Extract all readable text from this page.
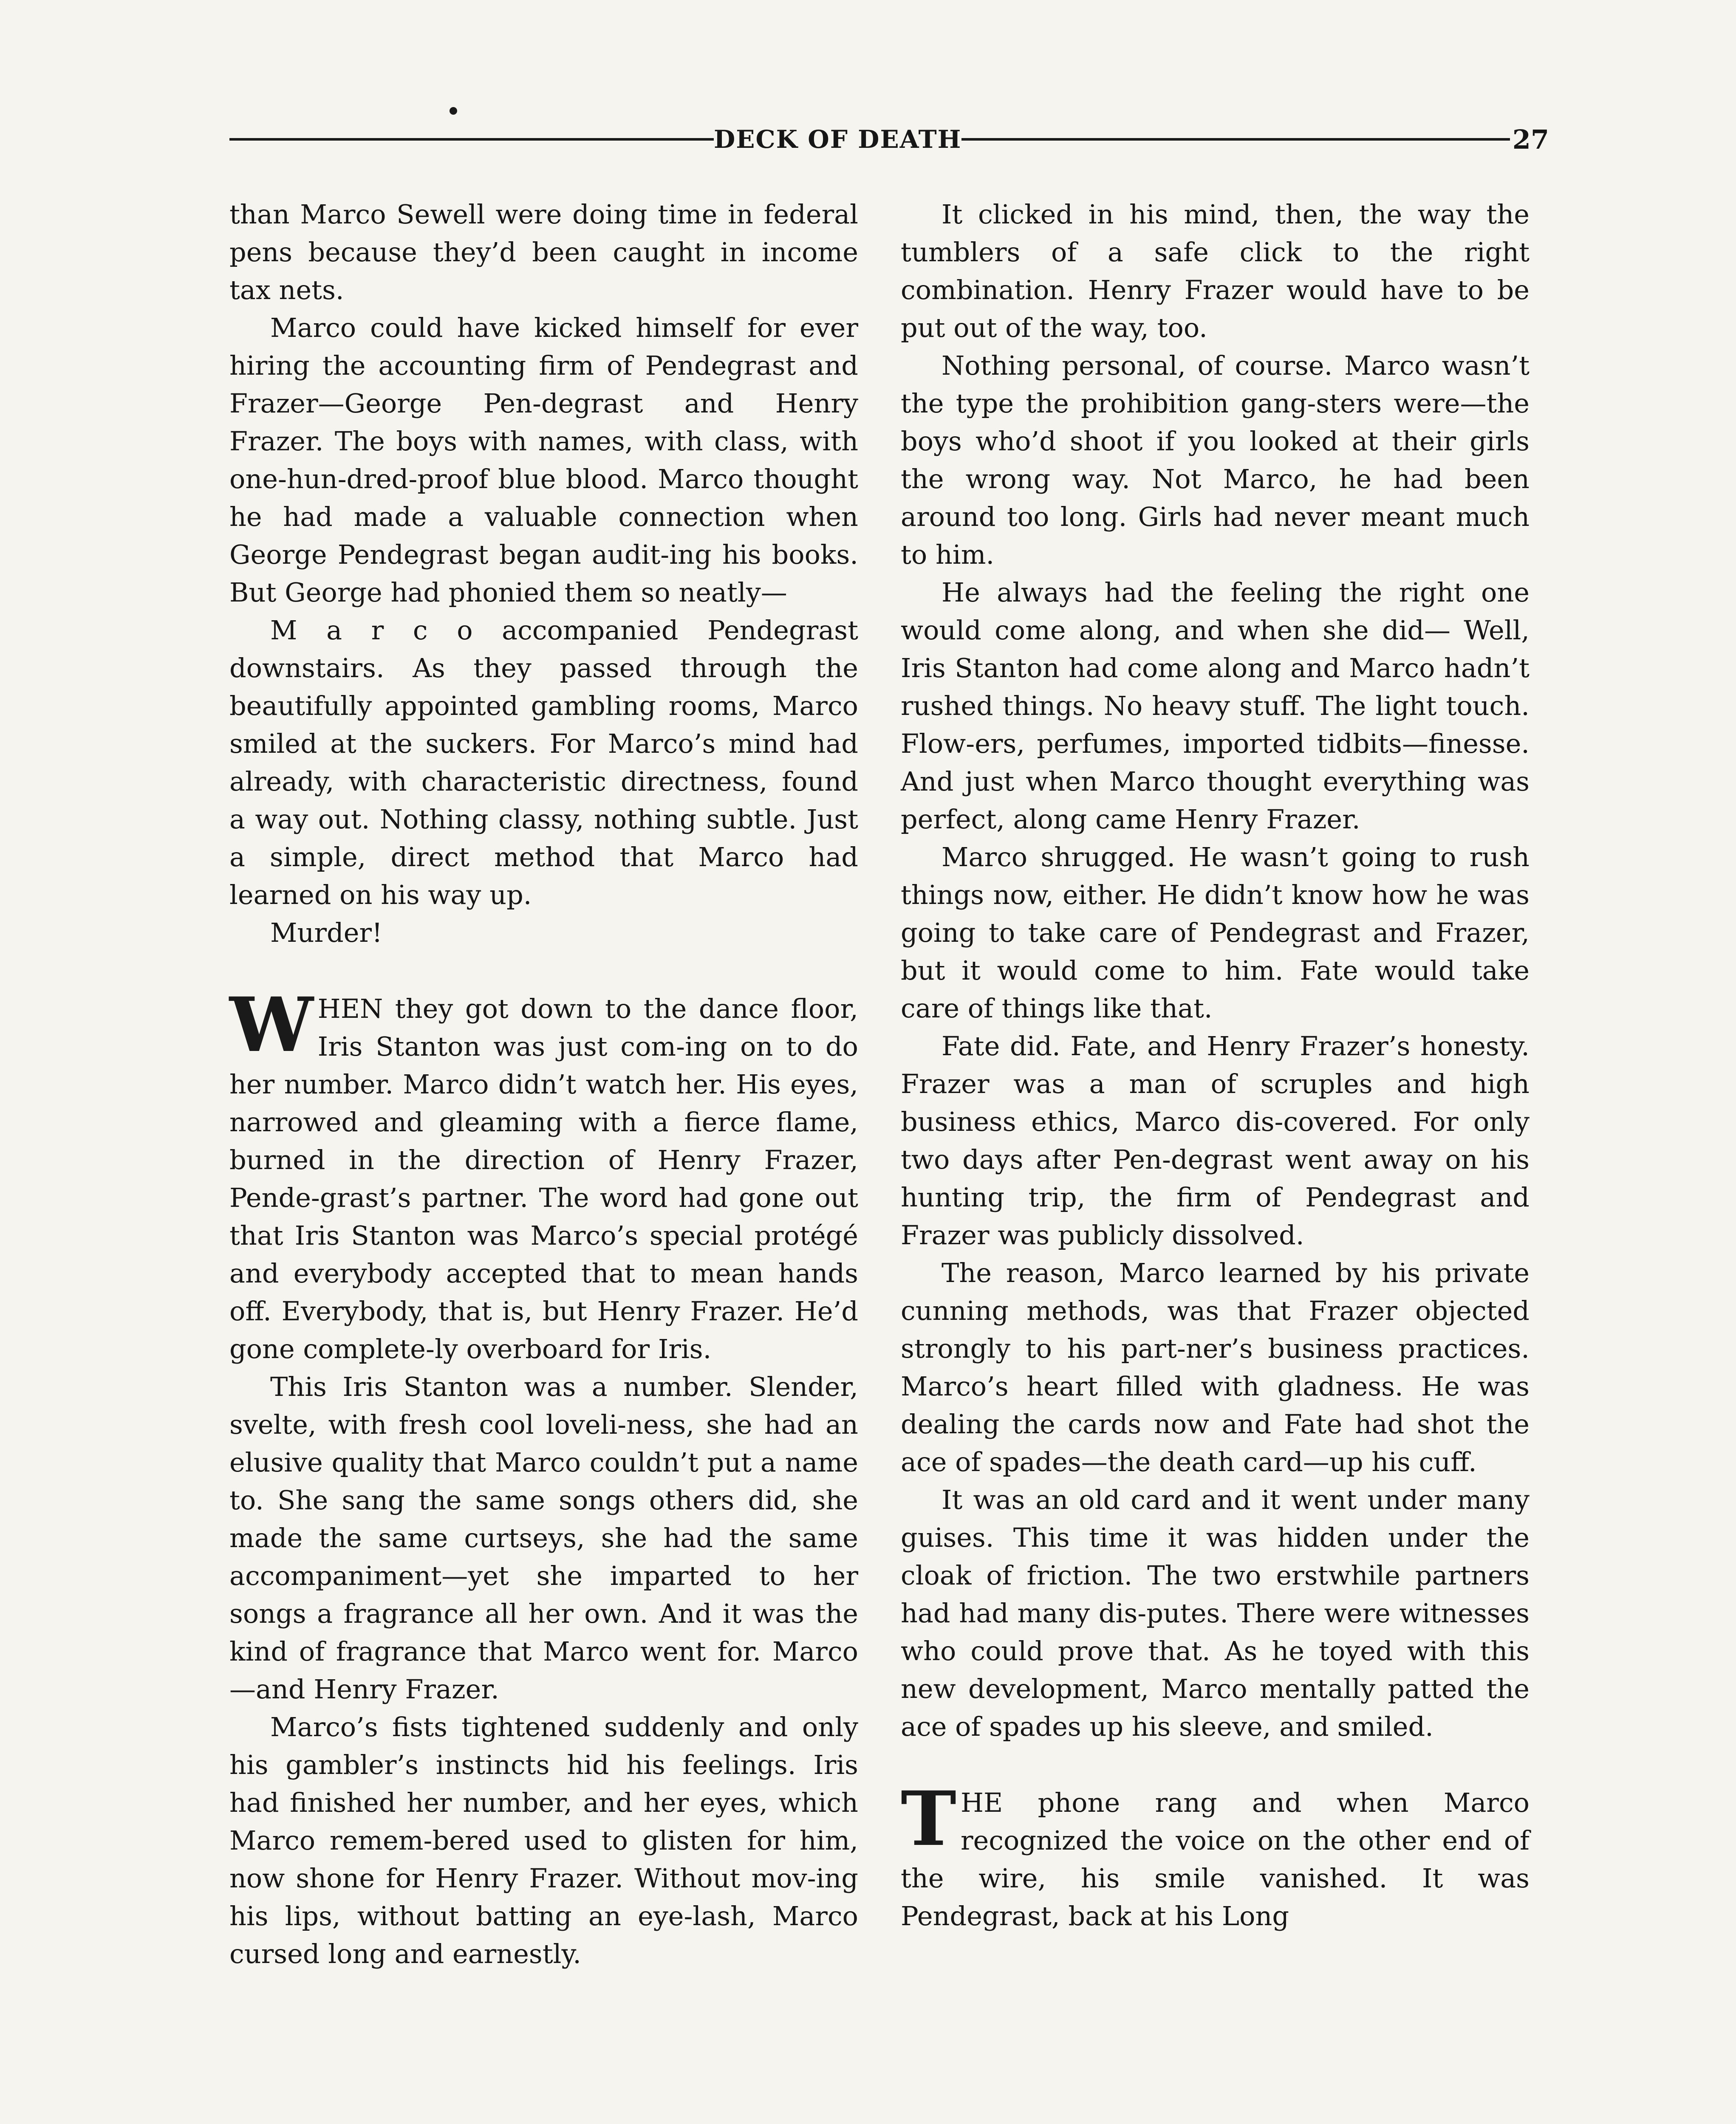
DECK OF DEATH	27

than Marco Sewell were doing time in federal pens because they’d been caught in income tax nets.

Marco could have kicked himself for ever hiring the accounting firm of Pendegrast and Frazer—George Pen-degrast and Henry Frazer. The boys with names, with class, with one-hun-dred-proof blue blood. Marco thought he had made a valuable connection when George Pendegrast began audit-ing his books. But George had phonied them so neatly—

M a r c o accompanied Pendegrast downstairs. As they passed through the beautifully appointed gambling rooms, Marco smiled at the suckers. For Marco’s mind had already, with characteristic directness, found a way out. Nothing classy, nothing subtle. Just a simple, direct method that Marco had learned on his way up.

Murder!

WHEN they got down to the dance floor, Iris Stanton was just com-ing on to do her number. Marco didn’t watch her. His eyes, narrowed and gleaming with a fierce flame, burned in the direction of Henry Frazer, Pende-grast’s partner. The word had gone out that Iris Stanton was Marco’s special protégé and everybody accepted that to mean hands off. Everybody, that is, but Henry Frazer. He’d gone complete-ly overboard for Iris.

This Iris Stanton was a number. Slender, svelte, with fresh cool loveli-ness, she had an elusive quality that Marco couldn’t put a name to. She sang the same songs others did, she made the same curtseys, she had the same accompaniment—yet she imparted to her songs a fragrance all her own. And it was the kind of fragrance that Marco went for. Marco—and Henry Frazer.

Marco’s fists tightened suddenly and only his gambler’s instincts hid his feelings. Iris had finished her number, and her eyes, which Marco remem-bered used to glisten for him, now shone for Henry Frazer. Without mov-ing his lips, without batting an eye-lash, Marco cursed long and earnestly.

It clicked in his mind, then, the way the tumblers of a safe click to the right combination. Henry Frazer would have to be put out of the way, too.

Nothing personal, of course. Marco wasn’t the type the prohibition gang-sters were—the boys who’d shoot if you looked at their girls the wrong way. Not Marco, he had been around too long. Girls had never meant much to him.

He always had the feeling the right one would come along, and when she did— Well, Iris Stanton had come along and Marco hadn’t rushed things. No heavy stuff. The light touch. Flow-ers, perfumes, imported tidbits—finesse. And just when Marco thought everything was perfect, along came Henry Frazer.

Marco shrugged. He wasn’t going to rush things now, either. He didn’t know how he was going to take care of Pendegrast and Frazer, but it would come to him. Fate would take care of things like that.

Fate did. Fate, and Henry Frazer’s honesty. Frazer was a man of scruples and high business ethics, Marco dis-covered. For only two days after Pen-degrast went away on his hunting trip, the firm of Pendegrast and Frazer was publicly dissolved.

The reason, Marco learned by his private cunning methods, was that Frazer objected strongly to his part-ner’s business practices. Marco’s heart filled with gladness. He was dealing the cards now and Fate had shot the ace of spades—the death card—up his cuff.

It was an old card and it went under many guises. This time it was hidden under the cloak of friction. The two erstwhile partners had had many dis-putes. There were witnesses who could prove that. As he toyed with this new development, Marco mentally patted the ace of spades up his sleeve, and smiled.

THE phone rang and when Marco recognized the voice on the other end of the wire, his smile vanished. It was Pendegrast, back at his Long
